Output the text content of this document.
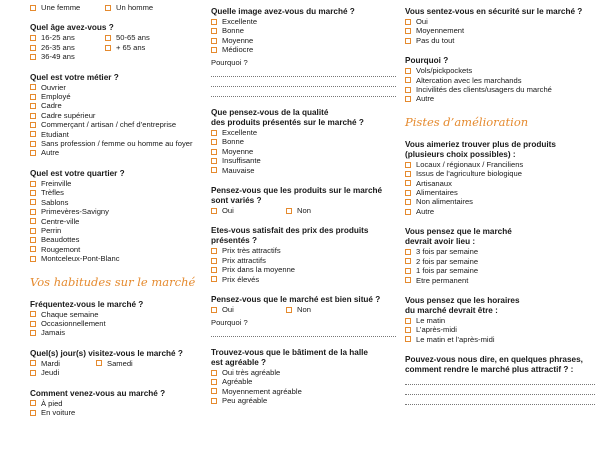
Une femme	Un homme
Quel âge avez-vous ?
16-25 ans	50-65 ans
26-35 ans	+ 65 ans
36-49 ans
Quel est votre métier ?
Ouvrier
Employé
Cadre
Cadre supérieur
Commerçant / artisan / chef d’entreprise
Etudiant
Sans profession / femme ou homme au foyer
Autre
Quel est votre quartier ?
Freinville
Trèfles
Sablons
Primevères-Savigny
Centre-ville
Perrin
Beaudottes
Rougemont
Montceleux-Pont-Blanc
Vos habitudes sur le marché
Fréquentez-vous le marché ?
Chaque semaine
Occasionnellement
Jamais
Quel(s) jour(s) visitez-vous le marché ?
Mardi	Samedi
Jeudi
Comment venez-vous au marché ?
À pied
En voiture
Quelle image avez-vous du marché ?
Excellente
Bonne
Moyenne
Médiocre
Pourquoi ?
Que pensez-vous de la qualité
des produits présentés sur le marché ?
Excellente
Bonne
Moyenne
Insuffisante
Mauvaise
Pensez-vous que les produits sur le marché
sont variés ?
Oui	Non
Etes-vous satisfait des prix des produits
présentés ?
Prix très attractifs
Prix attractifs
Prix dans la moyenne
Prix élevés
Pensez-vous que le marché est bien situé ?
Oui	Non
Pourquoi ?
Trouvez-vous que le bâtiment de la halle
est agréable ?
Oui très agréable
Agréable
Moyennement agréable
Peu agréable
Vous sentez-vous en sécurité sur le marché ?
Oui
Moyennement
Pas du tout
Pourquoi ?
Vols/pickpockets
Altercation avec les marchands
Incivilités des clients/usagers du marché
Autre
Pistes d’amélioration
Vous aimeriez trouver plus de produits
(plusieurs choix possibles) :
Locaux / régionaux / Franciliens
Issus de l’agriculture biologique
Artisanaux
Alimentaires
Non alimentaires
Autre
Vous pensez que le marché
devrait avoir lieu :
3 fois par semaine
2 fois par semaine
1 fois par semaine
Etre permanent
Vous pensez que les horaires
du marché devrait être :
Le matin
L’après-midi
Le matin et l’après-midi
Pouvez-vous nous dire, en quelques phrases,
comment rendre le marché plus attractif ? :
